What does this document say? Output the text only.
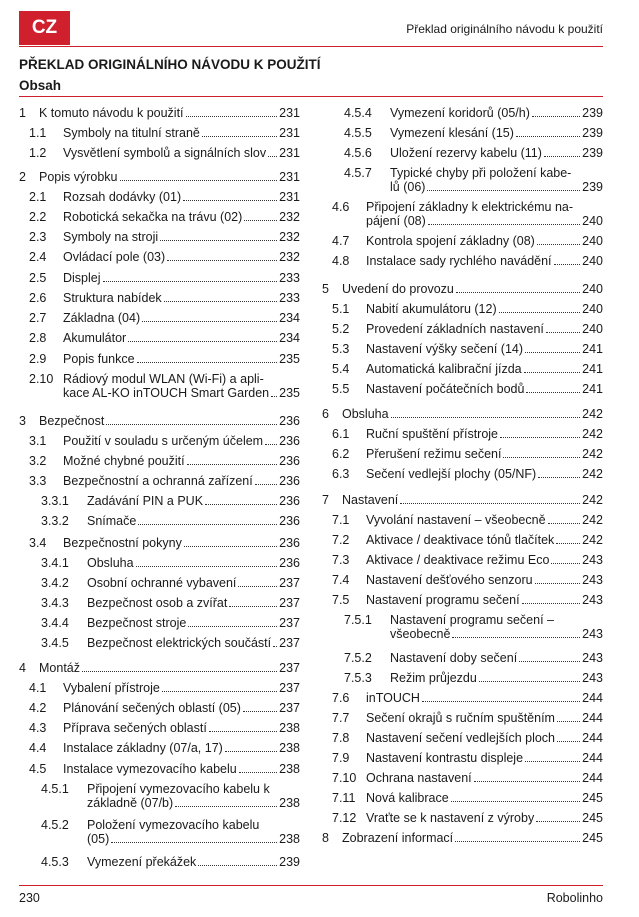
CZ	Překlad originálního návodu k použití
PŘEKLAD ORIGINÁLNÍHO NÁVODU K POUŽITÍ
Obsah
1 K tomuto návodu k použití	231
1.1 Symboly na titulní straně	231
1.2 Vysvětlení symbolů a signálních slov 231
2 Popis výrobku	231
2.1 Rozsah dodávky (01)	231
2.2 Robotická sekačka na trávu (02)	232
2.3 Symboly na stroji	232
2.4 Ovládací pole (03)	232
2.5 Displej	233
2.6 Struktura nabídek	233
2.7 Základna (04)	234
2.8 Akumulátor	234
2.9 Popis funkce	235
2.10 Rádiový modul WLAN (Wi-Fi) a apli-
kace AL-KO inTOUCH Smart Garden 235
3 Bezpečnost	236
3.1 Použití v souladu s určeným účelem 236
3.2 Možné chybné použití	236
3.3 Bezpečnostní a ochranná zařízení 236
3.3.1 Zadávání PIN a PUK	236
3.3.2 Snímače	236
3.4 Bezpečnostní pokyny	236
3.4.1 Obsluha	236
3.4.2 Osobní ochranné vybavení	237
3.4.3 Bezpečnost osob a zvířat	237
3.4.4 Bezpečnost stroje	237
3.4.5 Bezpečnost elektrických součástí 237
4 Montáž	237
4.1 Vybalení přístroje	237
4.2 Plánování sečených oblastí (05)	237
4.3 Příprava sečených oblastí	238
4.4 Instalace základny (07/a, 17)	238
4.5 Instalace vymezovacího kabelu	238
4.5.1 Připojení vymezovacího kabelu k
základně (07/b)	238
4.5.2 Položení vymezovacího kabelu
(05)	238
4.5.3 Vymezení překážek	239
4.5.4 Vymezení koridorů (05/h)	239
4.5.5 Vymezení klesání (15)	239
4.5.6 Uložení rezervy kabelu (11)	239
4.5.7 Typické chyby při položení kabe-
lů (06)	239
4.6 Připojení základny k elektrickému na-
pájení (08)	240
4.7 Kontrola spojení základny (08)	240
4.8 Instalace sady rychlého navádění 240
5 Uvedení do provozu	240
5.1 Nabití akumulátoru (12)	240
5.2 Provedení základních nastavení	240
5.3 Nastavení výšky sečení (14)	241
5.4 Automatická kalibrační jízda	241
5.5 Nastavení počátečních bodů	241
6 Obsluha	242
6.1 Ruční spuštění přístroje	242
6.2 Přerušení režimu sečení	242
6.3 Sečení vedlejší plochy (05/NF)	242
7 Nastavení	242
7.1 Vyvolání nastavení – všeobecně	242
7.2 Aktivace / deaktivace tónů tlačítek 242
7.3 Aktivace / deaktivace režimu Eco	243
7.4 Nastavení dešťového senzoru	243
7.5 Nastavení programu sečení	243
7.5.1 Nastavení programu sečení –
všeobecně	243
7.5.2 Nastavení doby sečení	243
7.5.3 Režim průjezdu	243
7.6 inTOUCH	244
7.7 Sečení okrajů s ručním spuštěním 244
7.8 Nastavení sečení vedlejších ploch 244
7.9 Nastavení kontrastu displeje	244
7.10 Ochrana nastavení	244
7.11 Nová kalibrace	245
7.12 Vraťte se k nastavení z výroby	245
8 Zobrazení informací	245
230	Robolinho
